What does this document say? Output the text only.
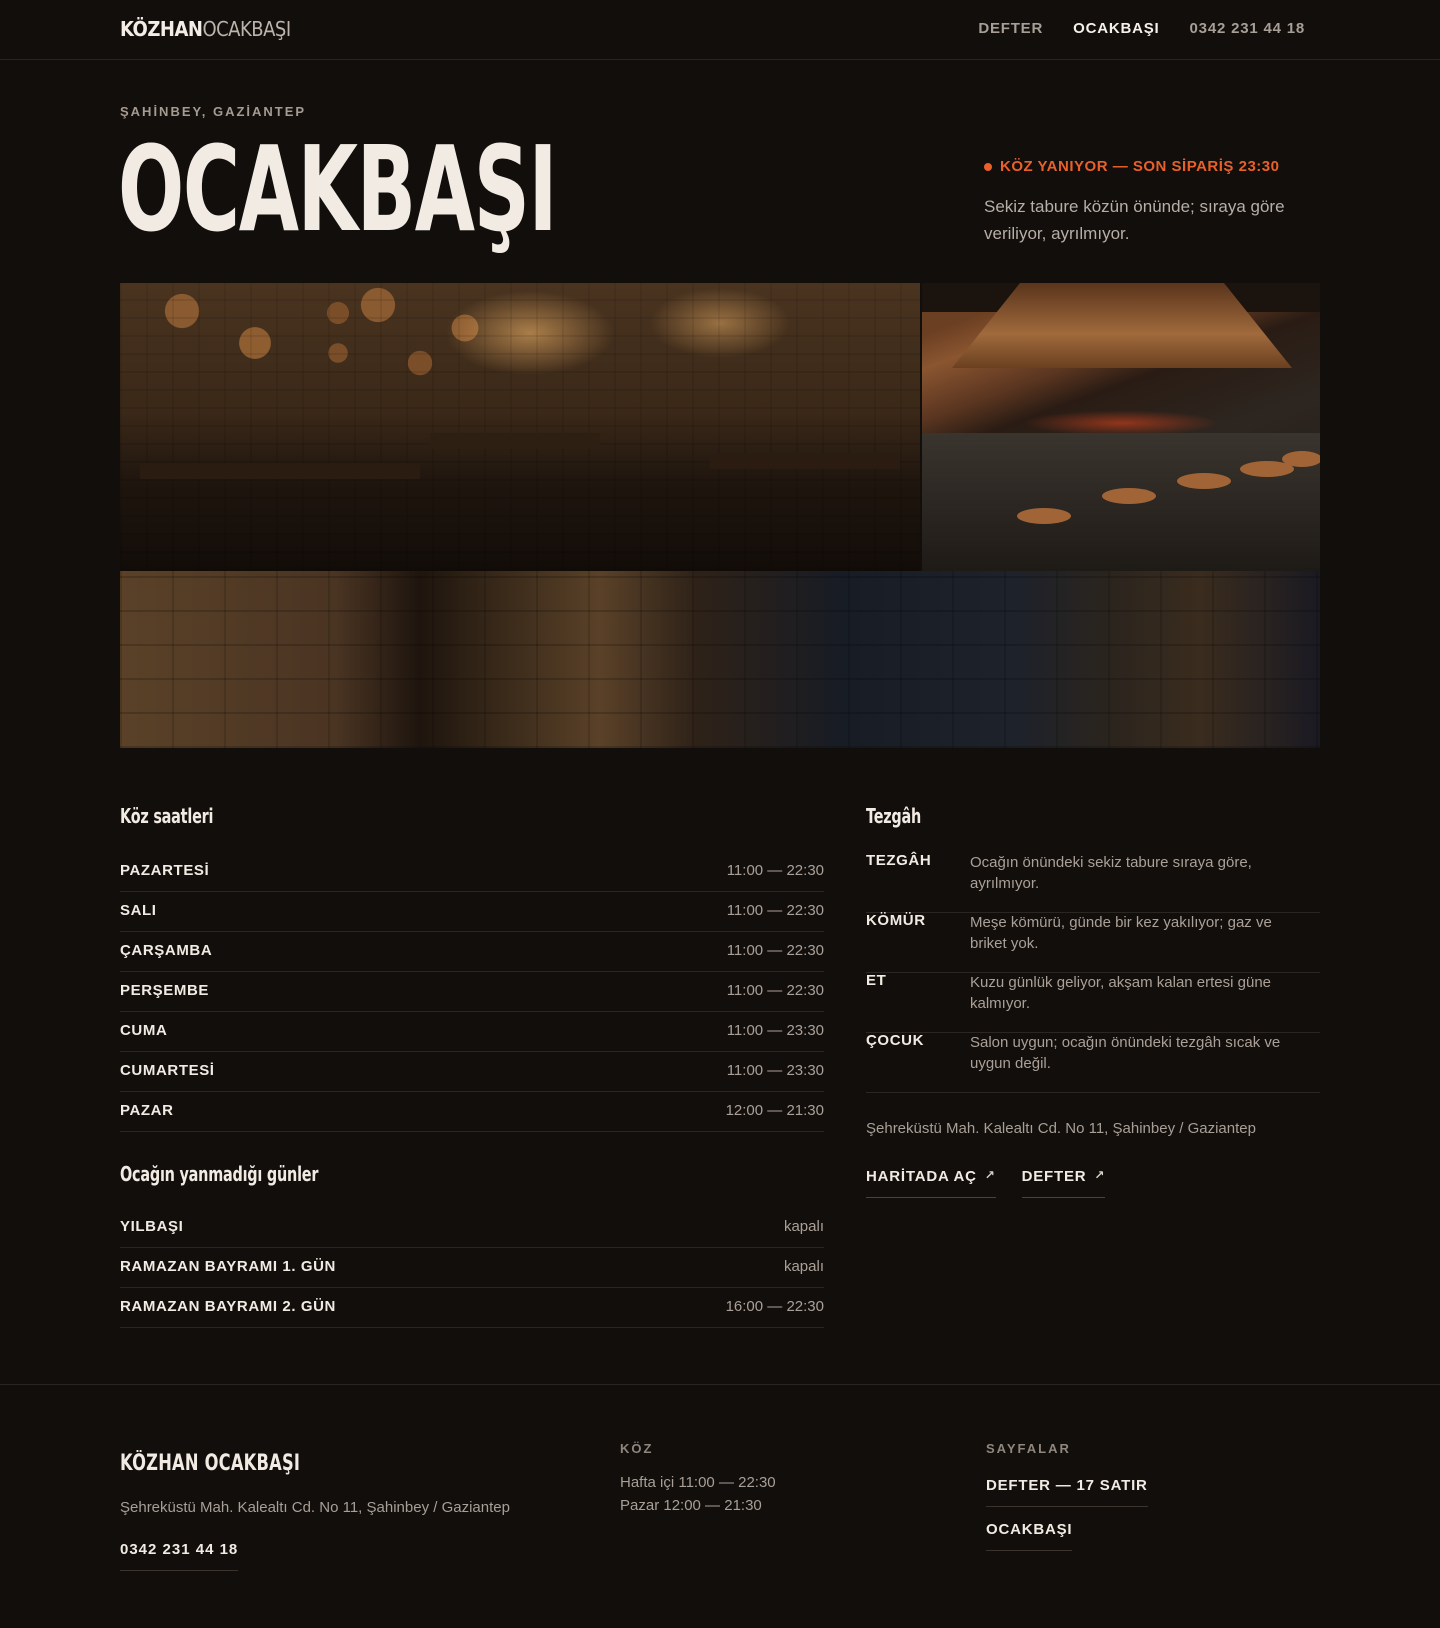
KÖZHANOCAKBAŞI	DEFTER OCAKBAŞI 0342 231 44 18
ŞAHİNBEY, GAZİANTEP
OCAKBAŞI	KÖZ YANIYOR — SON SİPARİŞ 23:30

Sekiz tabure közün önünde; sıraya göre veriliyor, ayrılmıyor.

Köz saatleri
PAZARTESİ	11:00 — 22:30
SALI	11:00 — 22:30
ÇARŞAMBA	11:00 — 22:30
PERŞEMBE	11:00 — 22:30
CUMA	11:00 — 23:30
CUMARTESİ	11:00 — 23:30
PAZAR	12:00 — 21:30
Ocağın yanmadığı günler
YILBAŞI	kapalı
RAMAZAN BAYRAMI 1. GÜN	kapalı
RAMAZAN BAYRAMI 2. GÜN	16:00 — 22:30
Tezgâh
TEZGÂH	Ocağın önündeki sekiz tabure sıraya göre, ayrılmıyor.
KÖMÜR	Meşe kömürü, günde bir kez yakılıyor; gaz ve briket yok.
ET	Kuzu günlük geliyor, akşam kalan ertesi güne kalmıyor.
ÇOCUK	Salon uygun; ocağın önündeki tezgâh sıcak ve uygun değil.
Şehreküstü Mah. Kalealtı Cd. No 11, Şahinbey / Gaziantep
HARİTADA AÇ ↗ DEFTER ↗
KÖZHAN OCAKBAŞI
Şehreküstü Mah. Kalealtı Cd. No 11, Şahinbey / Gaziantep
0342 231 44 18
KÖZ
Hafta içi 11:00 — 22:30
Pazar 12:00 — 21:30
SAYFALAR
DEFTER — 17 SATIR
OCAKBAŞI
